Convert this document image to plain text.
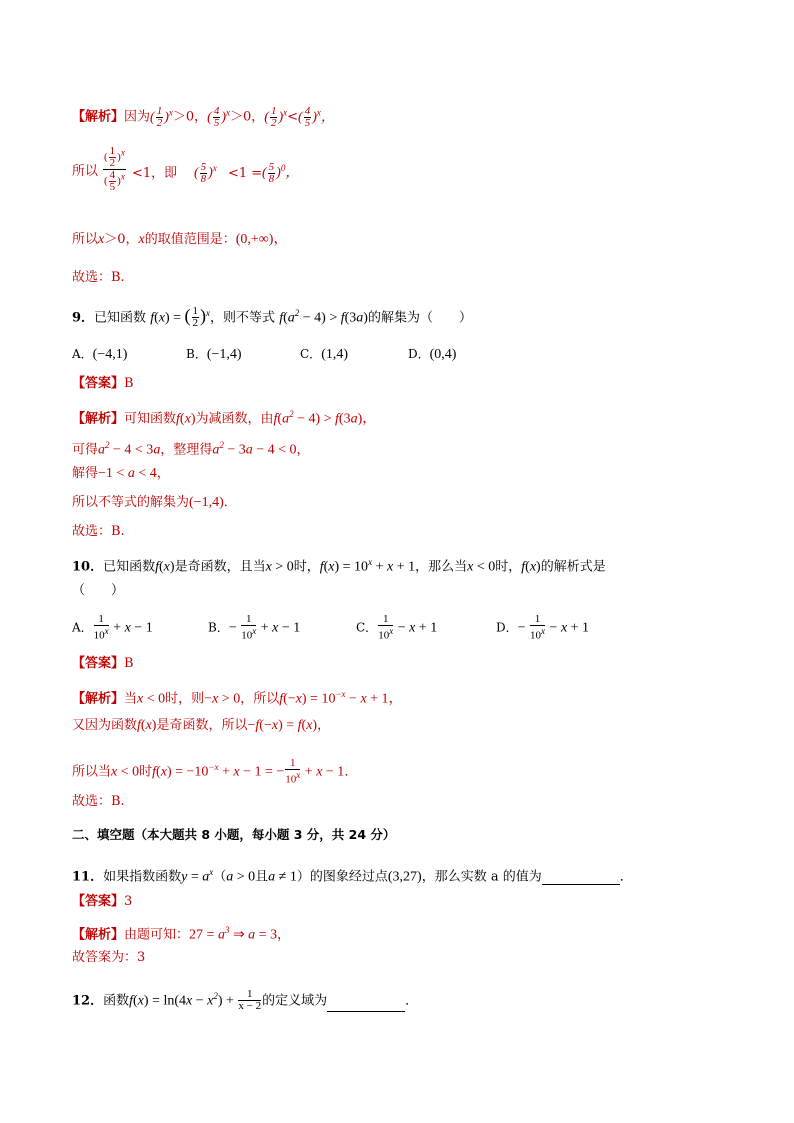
【解析】因为( $\frac{1}{2} )^x>0$，( $\frac{4}{5} )^x>0$，( $\frac{1}{2} )^x<( \frac{4}{5} )^x$，
所以 $\frac{( \frac{1}{2} )^x}{( \frac{4}{5} )^x} <1$，即 ( $\frac{5}{8} )^x <1$ = ( $\frac{5}{8} )^0$，
所以x＞0，x的取值范围是：(0,+∞)，
故选：B.
9．已知函数 f(x) = ( $\frac{1}{2} )^x$，则不等式 $f(a^2 - 4) > f(3a)$的解集为（　　）
A．(−4,1)	B．(−1,4)	C．(1,4)	D．(0,4)
【答案】B
【解析】可知函数f(x)为减函数，由$f(a^2 - 4) > f(3a)$，
可得$a^2 - 4 < 3a$，整理得$a^2 - 3a - 4 < 0$，
解得−1 < a < 4，
所以不等式的解集为(−1,4)．
故选：B.
10．已知函数f(x)是奇函数，且当x > 0时，$f(x) = 10^x + x + 1$，那么当x < 0时，f(x)的解析式是
（　　）
A． $\frac{1}{10^x} + x - 1$	B．− $\frac{1}{10^x} + x - 1$	C． $\frac{1}{10^x} - x + 1$	D．− $\frac{1}{10^x} - x + 1$
【答案】B
【解析】当x < 0时，则−x > 0，所以$f(-x) = 10^{-x} - x + 1$，
又因为函数f(x)是奇函数，所以−f(−x) = f(x)，
所以当x < 0时$f(x) = -10^{-x} + x - 1$ = − $\frac{1}{10^x} + x - 1$．
故选：B.
二、填空题（本大题共 8 小题，每小题 3 分，共 24 分）
11．如果指数函数$y = a^x(a > 0$且a ≠ 1）的图象经过点(3,27)，那么实数 a 的值为	．
【答案】3
【解析】由题可知：$27 = a^3$ ⇒ a = 3，
故答案为：3
12．函数$f(x) = \ln(4x - x^2) + \frac{1}{x - 2}$ 的定义域为	．
